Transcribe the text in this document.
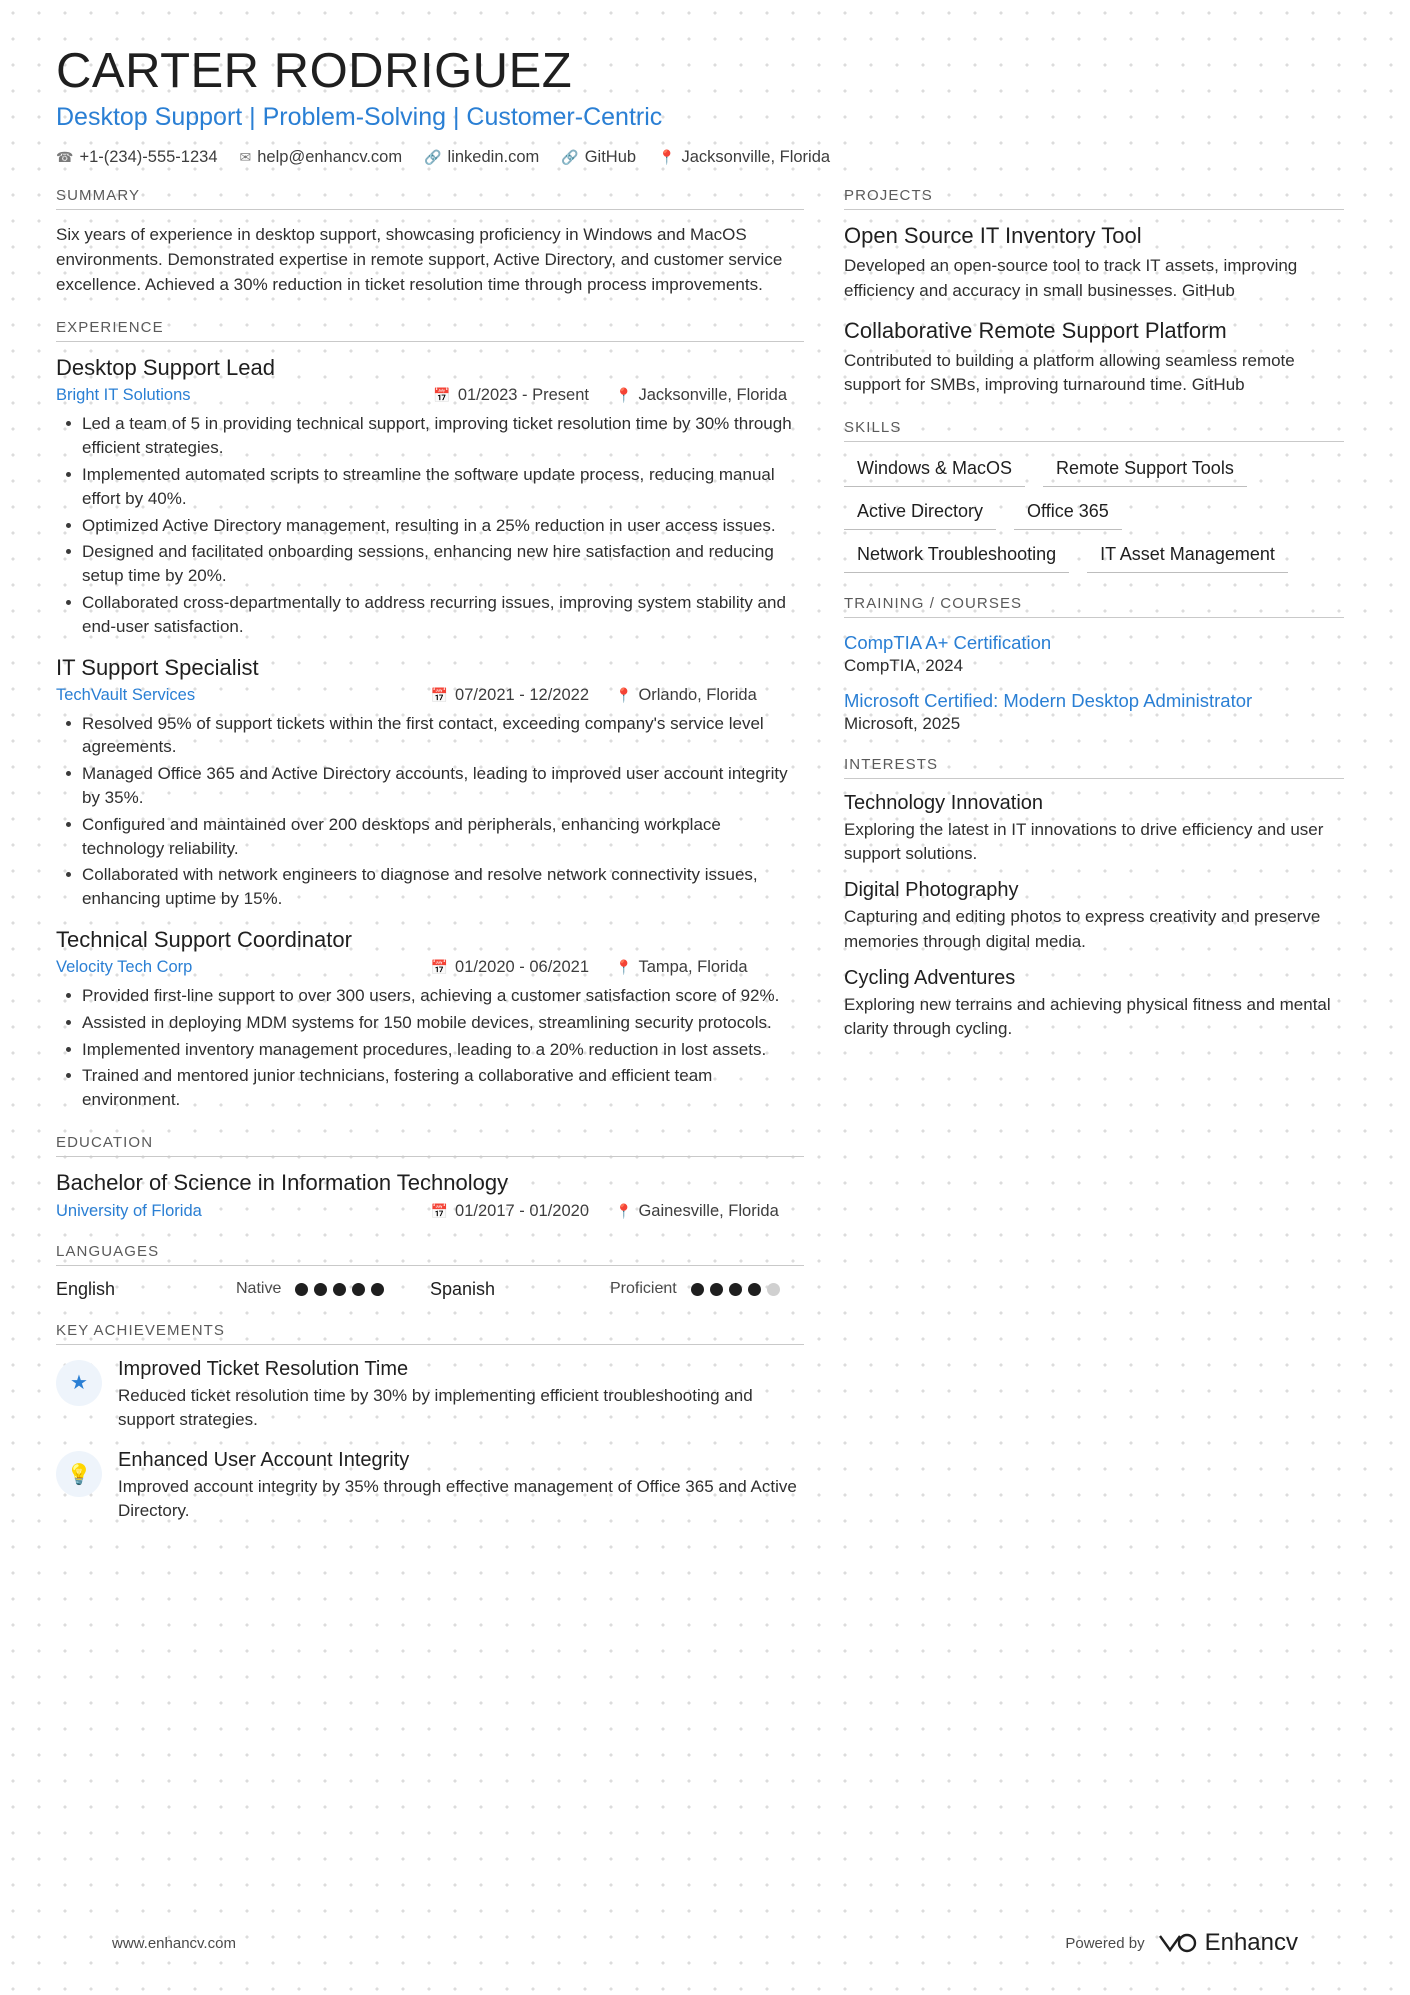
CARTER RODRIGUEZ
Desktop Support | Problem-Solving | Customer-Centric
☎ +1-(234)-555-1234 ✉ help@enhancv.com 🔗 linkedin.com 🔗 GitHub 📍 Jacksonville, Florida
SUMMARY

Six years of experience in desktop support, showcasing proficiency in Windows and MacOS environments. Demonstrated expertise in remote support, Active Directory, and customer service excellence. Achieved a 30% reduction in ticket resolution time through process improvements.

EXPERIENCE
Desktop Support Lead
Bright IT Solutions	📅 01/2023 - Present 📍 Jacksonville, Florida
Led a team of 5 in providing technical support, improving ticket resolution time by 30% through efficient strategies.
Implemented automated scripts to streamline the software update process, reducing manual effort by 40%.
Optimized Active Directory management, resulting in a 25% reduction in user access issues.
Designed and facilitated onboarding sessions, enhancing new hire satisfaction and reducing setup time by 20%.
Collaborated cross-departmentally to address recurring issues, improving system stability and end-user satisfaction.
IT Support Specialist
TechVault Services	📅 07/2021 - 12/2022 📍 Orlando, Florida
Resolved 95% of support tickets within the first contact, exceeding company's service level agreements.
Managed Office 365 and Active Directory accounts, leading to improved user account integrity by 35%.
Configured and maintained over 200 desktops and peripherals, enhancing workplace technology reliability.
Collaborated with network engineers to diagnose and resolve network connectivity issues, enhancing uptime by 15%.
Technical Support Coordinator
Velocity Tech Corp	📅 01/2020 - 06/2021 📍 Tampa, Florida
Provided first-line support to over 300 users, achieving a customer satisfaction score of 92%.
Assisted in deploying MDM systems for 150 mobile devices, streamlining security protocols.
Implemented inventory management procedures, leading to a 20% reduction in lost assets.
Trained and mentored junior technicians, fostering a collaborative and efficient team environment.
EDUCATION
Bachelor of Science in Information Technology
University of Florida	📅 01/2017 - 01/2020 📍 Gainesville, Florida
LANGUAGES
English	Native	Spanish	Proficient
KEY ACHIEVEMENTS
★
Improved Ticket Resolution Time
Reduced ticket resolution time by 30% by implementing efficient troubleshooting and support strategies.
💡
Enhanced User Account Integrity
Improved account integrity by 35% through effective management of Office 365 and Active Directory.
PROJECTS
Open Source IT Inventory Tool
Developed an open-source tool to track IT assets, improving efficiency and accuracy in small businesses. GitHub
Collaborative Remote Support Platform
Contributed to building a platform allowing seamless remote support for SMBs, improving turnaround time. GitHub
SKILLS
Windows & MacOS	Remote Support Tools
Active Directory	Office 365
Network Troubleshooting	IT Asset Management
TRAINING / COURSES
CompTIA A+ Certification
CompTIA, 2024
Microsoft Certified: Modern Desktop Administrator
Microsoft, 2025
INTERESTS
Technology Innovation
Exploring the latest in IT innovations to drive efficiency and user support solutions.
Digital Photography
Capturing and editing photos to express creativity and preserve memories through digital media.
Cycling Adventures
Exploring new terrains and achieving physical fitness and mental clarity through cycling.
www.enhancv.com	Powered by	Enhancv
